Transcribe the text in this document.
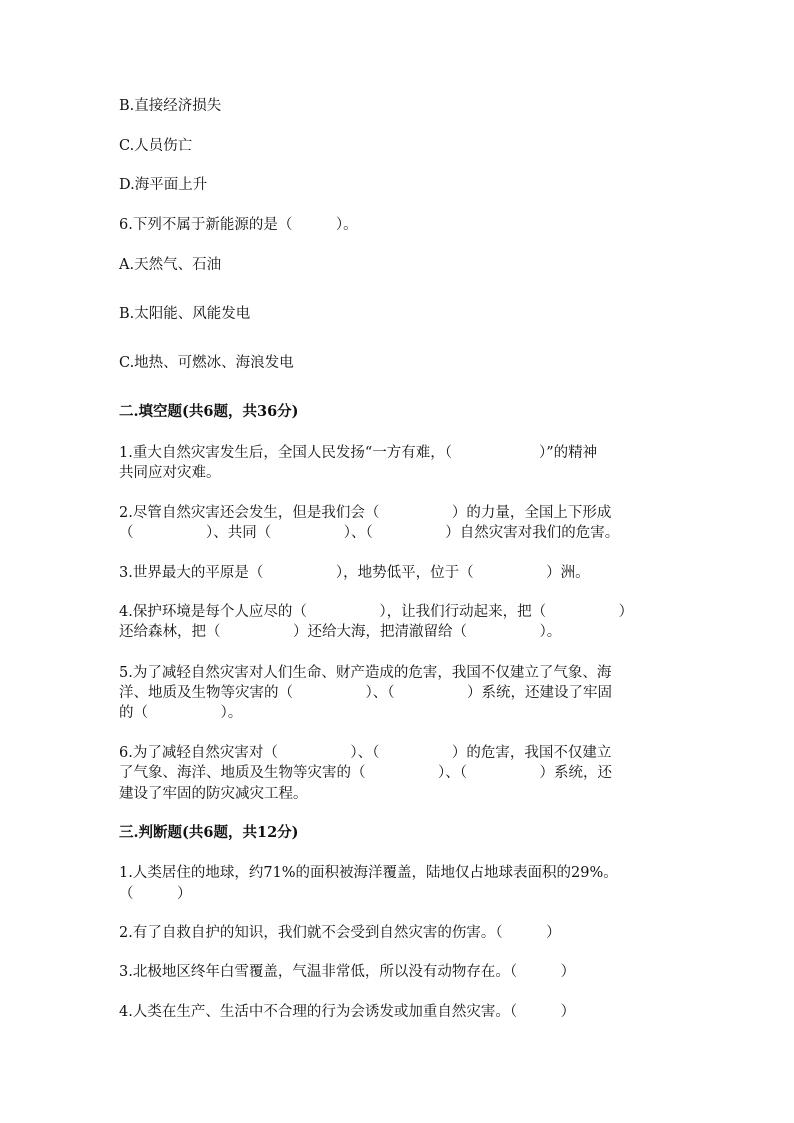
B.直接经济损失
C.人员伤亡
D.海平面上升
6.下列不属于新能源的是（　　　）。
A.天然气、石油
B.太阳能、风能发电
C.地热、可燃冰、海浪发电
二.填空题(共6题，共36分)
1.重大自然灾害发生后，全国人民发扬“一方有难，（　　　　　　）”的精神
共同应对灾难。
2.尽管自然灾害还会发生，但是我们会（　　　　　）的力量，全国上下形成
（　　　　　）、共同（　　　　　）、（　　　　　）自然灾害对我们的危害。
3.世界最大的平原是（　　　　　），地势低平，位于（　　　　　）洲。
4.保护环境是每个人应尽的（　　　　　），让我们行动起来，把（　　　　　）
还给森林，把（　　　　　）还给大海，把清澈留给（　　　　　）。
5.为了减轻自然灾害对人们生命、财产造成的危害，我国不仅建立了气象、海
洋、地质及生物等灾害的（　　　　　）、（　　　　　）系统，还建设了牢固
的（　　　　　）。
6.为了减轻自然灾害对（　　　　　）、（　　　　　）的危害，我国不仅建立
了气象、海洋、地质及生物等灾害的（　　　　　）、（　　　　　）系统，还
建设了牢固的防灾减灾工程。
三.判断题(共6题，共12分)
1.人类居住的地球，约71%的面积被海洋覆盖，陆地仅占地球表面积的29%。
（　　　）
2.有了自救自护的知识，我们就不会受到自然灾害的伤害。（　　　）
3.北极地区终年白雪覆盖，气温非常低，所以没有动物存在。（　　　）
4.人类在生产、生活中不合理的行为会诱发或加重自然灾害。（　　　）
